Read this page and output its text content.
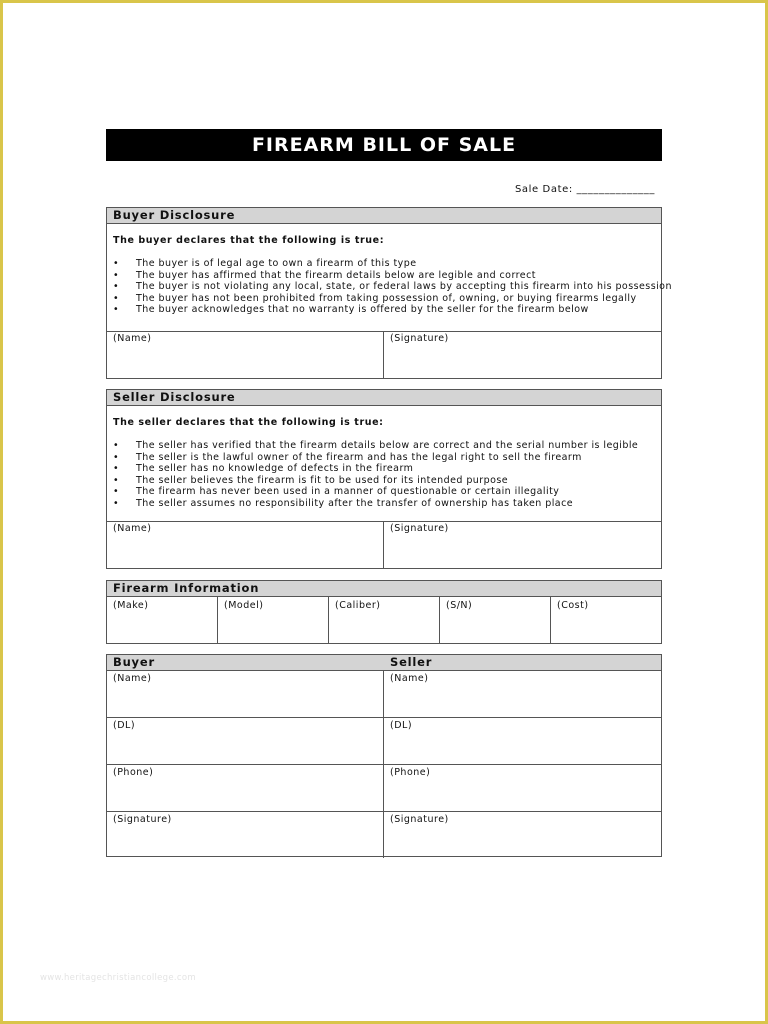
FIREARM BILL OF SALE
Sale Date: ______________
Buyer Disclosure
The buyer declares that the following is true:
• The buyer is of legal age to own a firearm of this type
• The buyer has affirmed that the firearm details below are legible and correct
• The buyer is not violating any local, state, or federal laws by accepting this firearm into his possession
• The buyer has not been prohibited from taking possession of, owning, or buying firearms legally
• The buyer acknowledges that no warranty is offered by the seller for the firearm below
(Name)	(Signature)
Seller Disclosure
The seller declares that the following is true:
• The seller has verified that the firearm details below are correct and the serial number is legible
• The seller is the lawful owner of the firearm and has the legal right to sell the firearm
• The seller has no knowledge of defects in the firearm
• The seller believes the firearm is fit to be used for its intended purpose
• The firearm has never been used in a manner of questionable or certain illegality
• The seller assumes no responsibility after the transfer of ownership has taken place
(Name)	(Signature)
Firearm Information
(Make)	(Model)	(Caliber)	(S/N)	(Cost)
Buyer	Seller
(Name)	(Name)
(DL)	(DL)
(Phone)	(Phone)
(Signature)	(Signature)
www.heritagechristiancollege.com
